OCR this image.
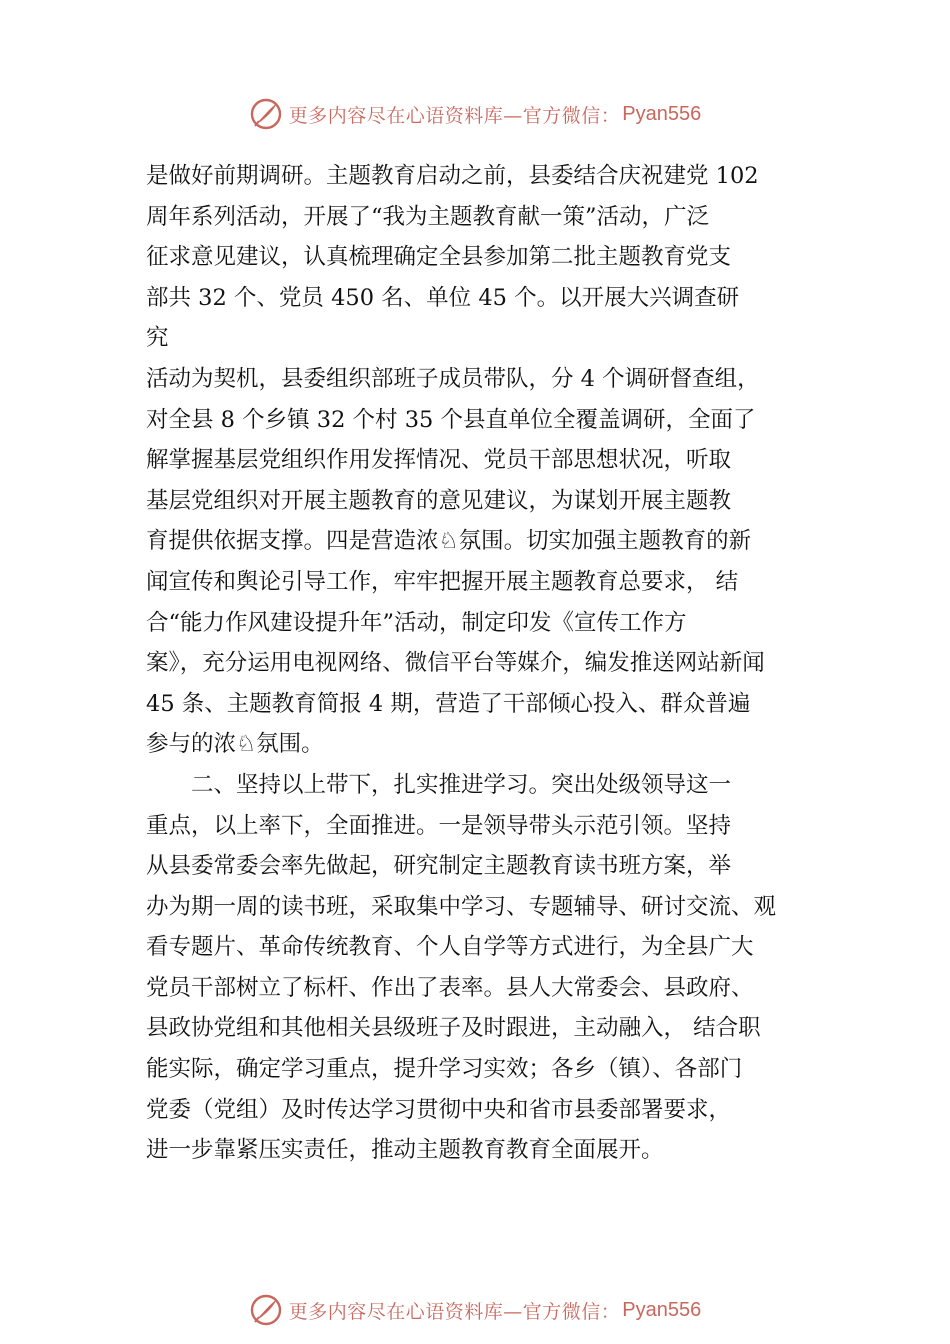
更多内容尽在心语资料库—官方微信： Pyan556
是做好前期调研。主题教育启动之前，县委结合庆祝建党 102
周年系列活动，开展了“我为主题教育献一策”活动，广泛
征求意见建议，认真梳理确定全县参加第二批主题教育党支
部共 32 个、党员 450 名、单位 45 个。以开展大兴调查研
究
活动为契机，县委组织部班子成员带队，分 4 个调研督查组，
对全县 8 个乡镇 32 个村 35 个县直单位全覆盖调研，全面了
解掌握基层党组织作用发挥情况、党员干部思想状况，听取
基层党组织对开展主题教育的意见建议，为谋划开展主题教
育提供依据支撑。四是营造浓♘氛围。切实加强主题教育的新
闻宣传和舆论引导工作，牢牢把握开展主题教育总要求， 结
合“能力作风建设提升年”活动，制定印发《宣传工作方
案》，充分运用电视网络、微信平台等媒介，编发推送网站新闻
45 条、主题教育简报 4 期，营造了干部倾心投入、群众普遍
参与的浓♘氛围。
　　二、坚持以上带下，扎实推进学习。突出处级领导这一
重点，以上率下，全面推进。一是领导带头示范引领。坚持
从县委常委会率先做起，研究制定主题教育读书班方案，举
办为期一周的读书班，采取集中学习、专题辅导、研讨交流、观
看专题片、革命传统教育、个人自学等方式进行，为全县广大
党员干部树立了标杆、作出了表率。县人大常委会、县政府、
县政协党组和其他相关县级班子及时跟进，主动融入， 结合职
能实际，确定学习重点，提升学习实效；各乡（镇）、各部门
党委（党组）及时传达学习贯彻中央和省市县委部署要求，
进一步靠紧压实责任，推动主题教育教育全面展开。
更多内容尽在心语资料库—官方微信： Pyan556
